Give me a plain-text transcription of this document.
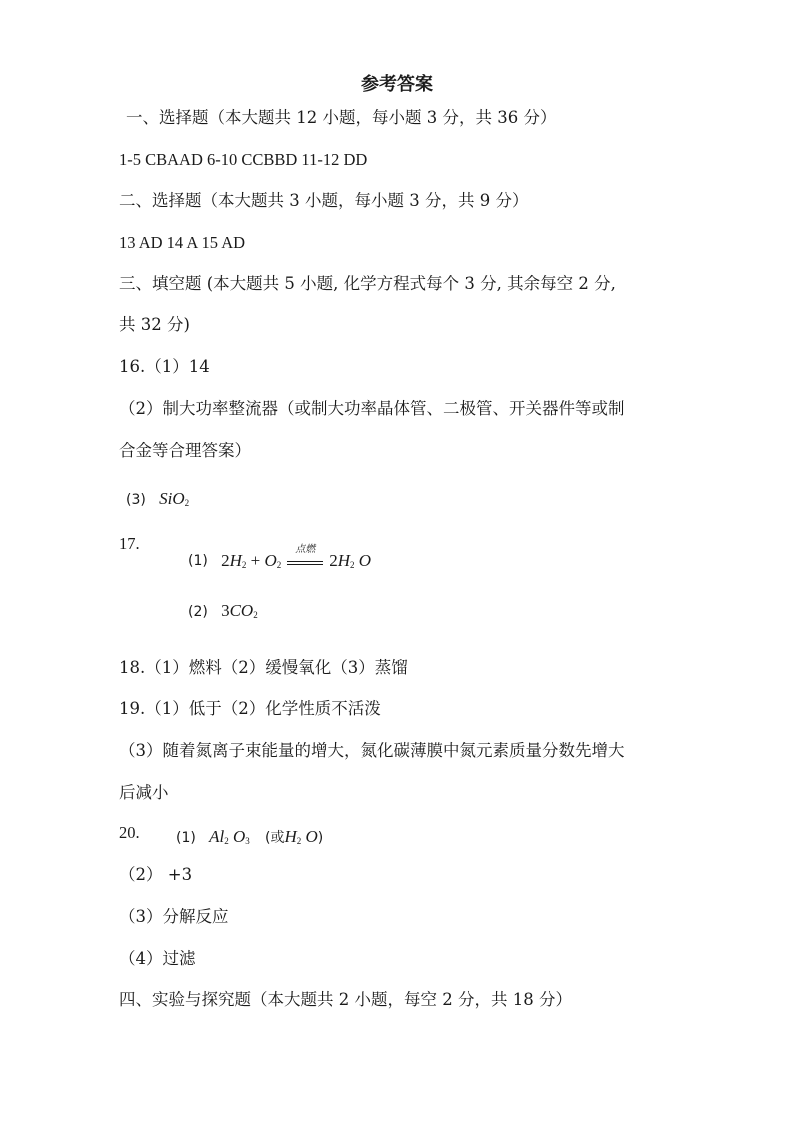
参考答案
一、选择题（本大题共 12 小题，每小题 3 分，共 36 分）
1-5 CBAAD 6-10 CCBBD 11-12 DD
二、选择题（本大题共 3 小题，每小题 3 分，共 9 分）
13 AD 14 A 15 AD
三、填空题 (本大题共 5 小题, 化学方程式每个 3 分, 其余每空 2 分,
共 32 分)
16.（1）14
（2）制大功率整流器（或制大功率晶体管、二极管、开关器件等或制
合金等合理答案）
(3) SiO$_2$
17.
(1) $2H_2 + O_2$
点燃
$2H_2$ O
(2) $3CO_2$
18.（1）燃料（2）缓慢氧化（3）蒸馏
19.（1）低于（2）化学性质不活泼
（3）随着氮离子束能量的增大，氮化碳薄膜中氮元素质量分数先增大
后减小
20.	(1) $Al_2$ $O_3$ (或$H_2$ O)
（2） +3
（3）分解反应
（4）过滤
四、实验与探究题（本大题共 2 小题，每空 2 分，共 18 分）
